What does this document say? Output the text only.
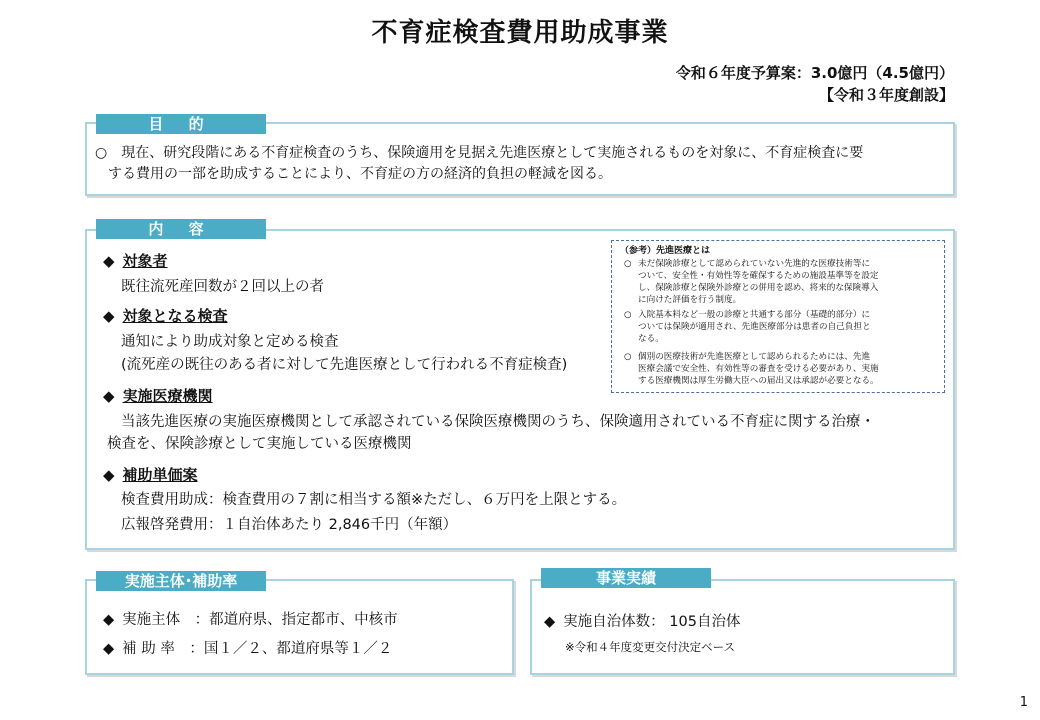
不育症検査費用助成事業
令和６年度予算案：3.0億円（4.5億円）
【令和３年度創設】
目 的
○　現在、研究段階にある不育症検査のうち、保険適用を見据え先進医療として実施されるものを対象に、不育症検査に要
する費用の一部を助成することにより、不育症の方の経済的負担の軽減を図る。
内 容
◆ 対象者
既往流死産回数が２回以上の者
◆ 対象となる検査
通知により助成対象と定める検査
(流死産の既往のある者に対して先進医療として行われる不育症検査)
◆ 実施医療機関
当該先進医療の実施医療機関として承認されている保険医療機関のうち、保険適用されている不育症に関する治療・
検査を、保険診療として実施している医療機関
◆ 補助単価案
検査費用助成：検査費用の７割に相当する額※ただし、６万円を上限とする。
広報啓発費用：１自治体あたり 2,846千円（年額）
（参考）先進医療とは
○ 未だ保険診療として認められていない先進的な医療技術等に
ついて、安全性・有効性等を確保するための施設基準等を設定
し、保険診療と保険外診療との併用を認め、将来的な保険導入
に向けた評価を行う制度。
○ 入院基本料など一般の診療と共通する部分（基礎的部分）に
ついては保険が適用され、先進医療部分は患者の自己負担と
なる。
○ 個別の医療技術が先進医療として認められるためには、先進
医療会議で安全性、有効性等の審査を受ける必要があり、実施
する医療機関は厚生労働大臣への届出又は承認が必要となる。
実施主体･補助率
◆ 実施主体　：都道府県、指定都市、中核市
◆ 補 助 率　：国１／２、都道府県等１／２
事業実績
◆ 実施自治体数： 105自治体
※令和４年度変更交付決定ベース
1
